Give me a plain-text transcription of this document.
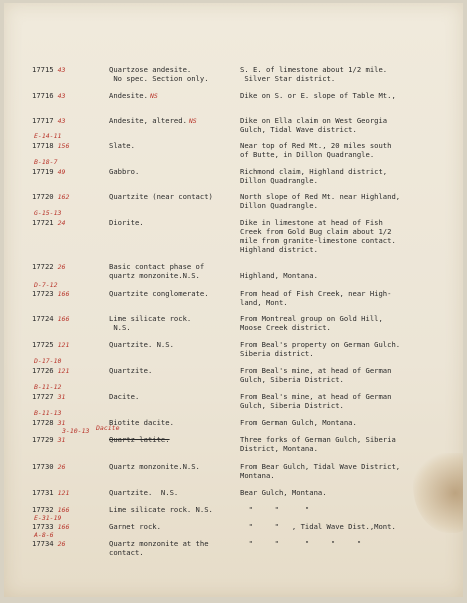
17715 43	Quartzose andesite.
No spec. Section only.
S. E. of limestone about 1/2 mile.
Silver Star district.
17716 43	Andesite. NS	Dike on S. or E. slope of Table Mt.,
17717 43	Andesite, altered. NS	Dike on Ella claim on West Georgia
Gulch, Tidal Wave district.
E-14-11
17718 156	Slate.	Near top of Red Mt., 20 miles south
of Butte, in Dillon Quadrangle.
B-18-7
17719 49	Gabbro.	Richmond claim, Highland district,
Dillon Quadrangle.
17720 162	Quartzite (near contact)	North slope of Red Mt. near Highland,
Dillon Quadrangle.
G-15-13
17721 24	Diorite.	Dike in limestone at head of Fish
Creek from Gold Bug claim about 1/2
mile from granite-limestone contact.
Highland district.
17722 26	Basic contact phase of
quartz monzonite.N.S.	Highland, Montana.
D-7-12
17723 166	Quartzite conglomerate.	From head of Fish Creek, near High-
land, Mont.
17724 166	Lime silicate rock.
N.S.
From Montreal group on Gold Hill,
Moose Creek district.
17725 121	Quartzite. N.S.	From Beal's property on German Gulch.
Siberia district.
D-17-10
17726 121	Quartzite.	From Beal's mine, at head of German
Gulch, Siberia District.
B-11-12
17727 31	Dacite.	From Beal's mine, at head of German
Gulch, Siberia District.
B-11-13
17728 31	Biotite dacite.	From German Gulch, Montana.
3-10-13 Dacite
17729 31	Quartz latite.	Three forks of German Gulch, Siberia
District, Montana.
17730 26	Quartz monzonite.N.S.	From Bear Gulch, Tidal Wave District,
Montana.
17731 121	Quartzite.  N.S.	Bear Gulch, Montana.
17732 166	Lime silicate rock. N.S.	"     "      "
E-31-19
17733 166	Garnet rock.	"     "   , Tidal Wave Dist.,Mont.
A-8-6
17734 26	Quartz monzonite at the
contact.
"     "      "     "     "
